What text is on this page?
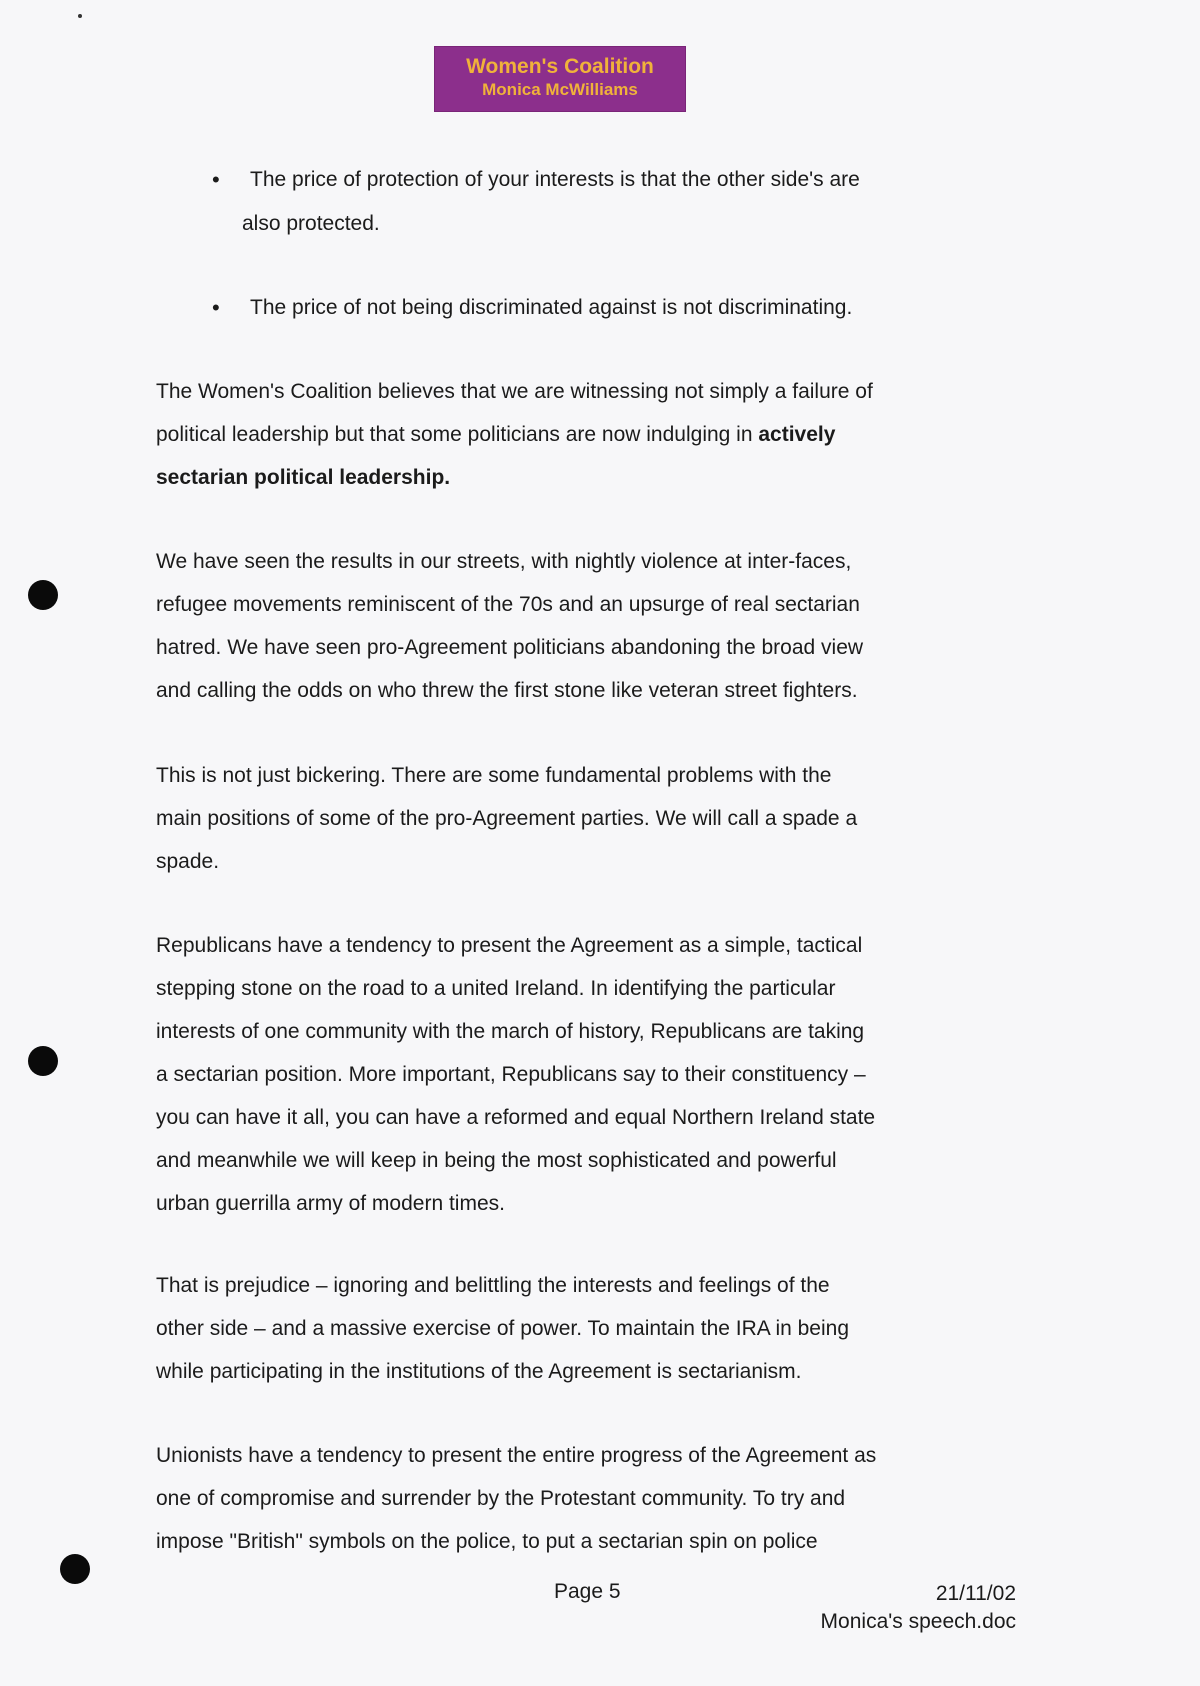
Women's Coalition
Monica McWilliams
•	The price of protection of your interests is that the other side's are
also protected.
•	The price of not being discriminated against is not discriminating.

The Women's Coalition believes that we are witnessing not simply a failure of

political leadership but that some politicians are now indulging in actively

sectarian political leadership.

We have seen the results in our streets, with nightly violence at inter-faces,

refugee movements reminiscent of the 70s and an upsurge of real sectarian

hatred. We have seen pro-Agreement politicians abandoning the broad view

and calling the odds on who threw the first stone like veteran street fighters.

This is not just bickering. There are some fundamental problems with the

main positions of some of the pro-Agreement parties. We will call a spade a

spade.

Republicans have a tendency to present the Agreement as a simple, tactical

stepping stone on the road to a united Ireland. In identifying the particular

interests of one community with the march of history, Republicans are taking

a sectarian position. More important, Republicans say to their constituency –

you can have it all, you can have a reformed and equal Northern Ireland state

and meanwhile we will keep in being the most sophisticated and powerful

urban guerrilla army of modern times.

That is prejudice – ignoring and belittling the interests and feelings of the

other side – and a massive exercise of power. To maintain the IRA in being

while participating in the institutions of the Agreement is sectarianism.

Unionists have a tendency to present the entire progress of the Agreement as

one of compromise and surrender by the Protestant community. To try and

impose "British" symbols on the police, to put a sectarian spin on police

Page 5	21/11/02
Monica's speech.doc
